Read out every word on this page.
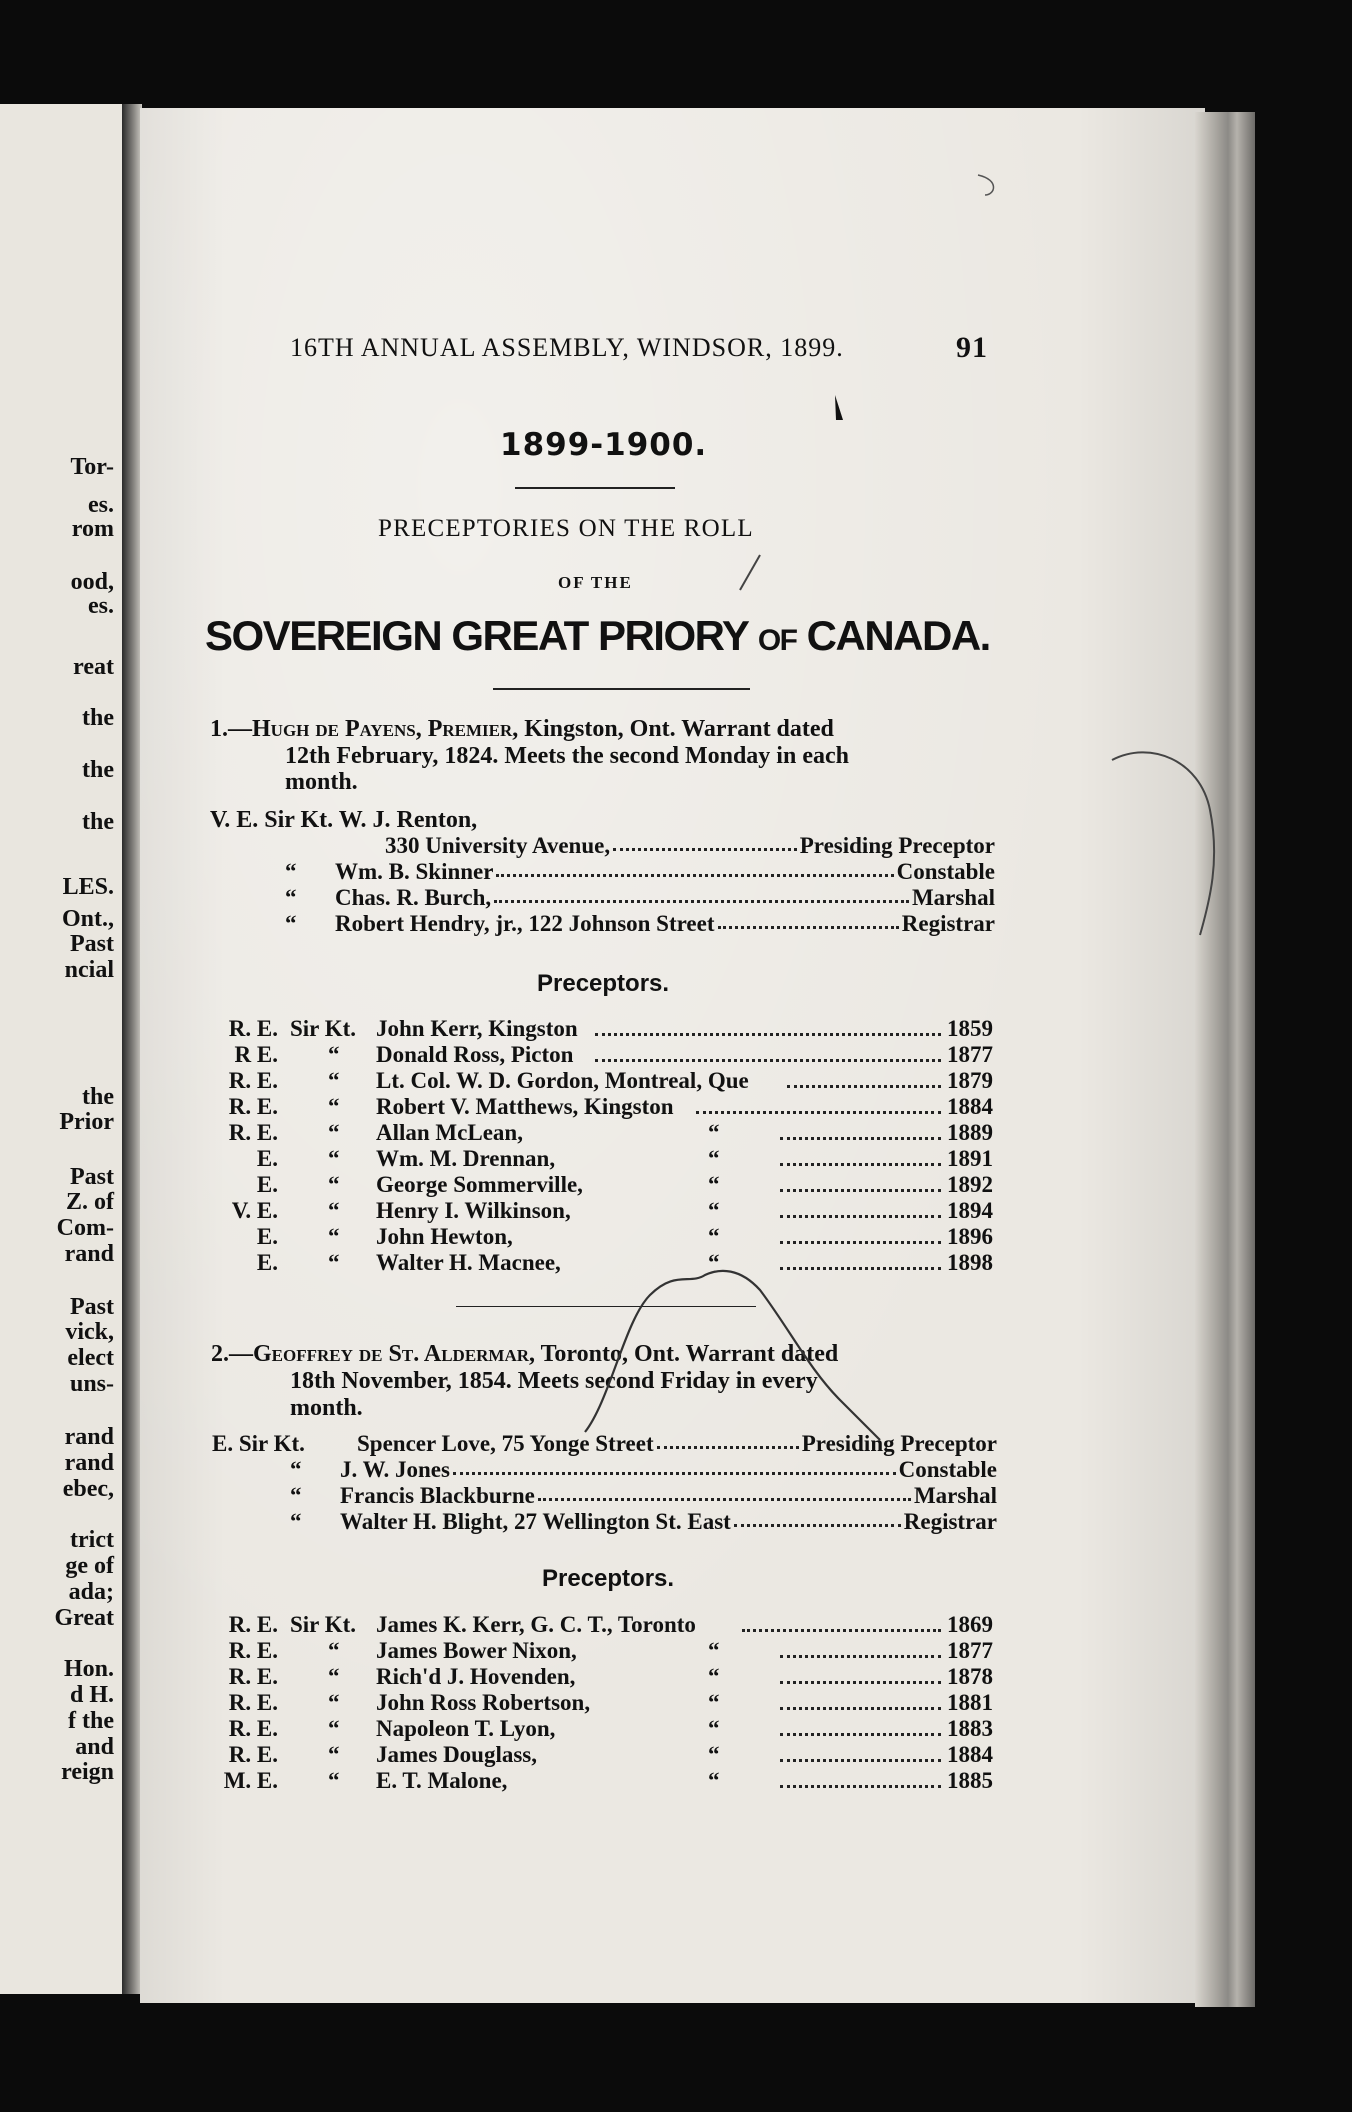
Tor-
es.
rom
ood,
es.
reat
the
the
the
LES.
Ont.,
Past
ncial
the
Prior
Past
Z. of
Com-
rand
Past
vick,
elect
uns-
rand
rand
ebec,
trict
ge of
ada;
Great
Hon.
d H.
f the
and
reign
16TH ANNUAL ASSEMBLY, WINDSOR, 1899.	91
1899-1900.
PRECEPTORIES ON THE ROLL
OF THE
SOVEREIGN GREAT PRIORY OF CANADA.
1.—Hugh de Payens, Premier, Kingston, Ont. Warrant dated
12th February, 1824. Meets the second Monday in each
month.
V. E. Sir Kt. W. J. Renton,
330 University Avenue,	Presiding Preceptor
“ Wm. B. Skinner	Constable
“ Chas. R. Burch,	Marshal
“ Robert Hendry, jr., 122 Johnson Street	Registrar
Preceptors.
R. E. Sir Kt. John Kerr, Kingston	1859
R E. “ Donald Ross, Picton	1877
R. E. “ Lt. Col. W. D. Gordon, Montreal, Que	1879
R. E. “ Robert V. Matthews, Kingston	1884
R. E. “ Allan McLean,	“	1889
E. “ Wm. M. Drennan,	“	1891
E. “ George Sommerville,	“	1892
V. E. “ Henry I. Wilkinson,	“	1894
E. “ John Hewton,	“	1896
E. “ Walter H. Macnee,	“	1898
2.—Geoffrey de St. Aldermar, Toronto, Ont. Warrant dated
18th November, 1854. Meets second Friday in every
month.
E. Sir Kt. Spencer Love, 75 Yonge Street	Presiding Preceptor
“ J. W. Jones	Constable
“ Francis Blackburne	Marshal
“ Walter H. Blight, 27 Wellington St. East	Registrar
Preceptors.
R. E. Sir Kt. James K. Kerr, G. C. T., Toronto	1869
R. E. “ James Bower Nixon,	“	1877
R. E. “ Rich'd J. Hovenden,	“	1878
R. E. “ John Ross Robertson,	“	1881
R. E. “ Napoleon T. Lyon,	“	1883
R. E. “ James Douglass,	“	1884
M. E. “ E. T. Malone,	“	1885
